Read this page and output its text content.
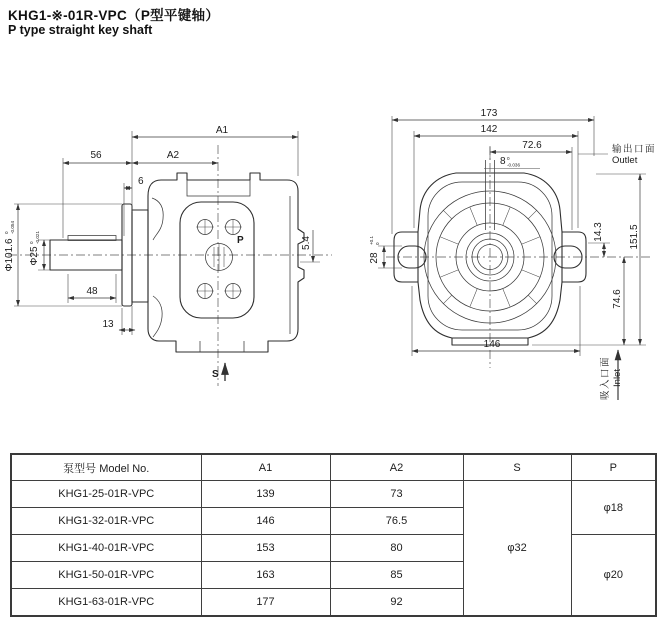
KHG1-※-01R-VPC（P型平键轴）
P type straight key shaft
P
A1
56	A2
6
Φ101.6
0 -0.054
Φ25
0 -0.021
48
13
5.4
S
173
142
72.6
8 0
-0.036
输出口面
Outlet
14.3	151.5
74.6
28
+0.1 0
146
吸入口面 Inlet
泵型号 Model No.	A1	A2	S	P
KHG1-25-01R-VPC	139	73	φ32	φ18
KHG1-32-01R-VPC	146	76.5		
KHG1-40-01R-VPC	153	80		φ20
KHG1-50-01R-VPC	163	85		
KHG1-63-01R-VPC	177	92		
